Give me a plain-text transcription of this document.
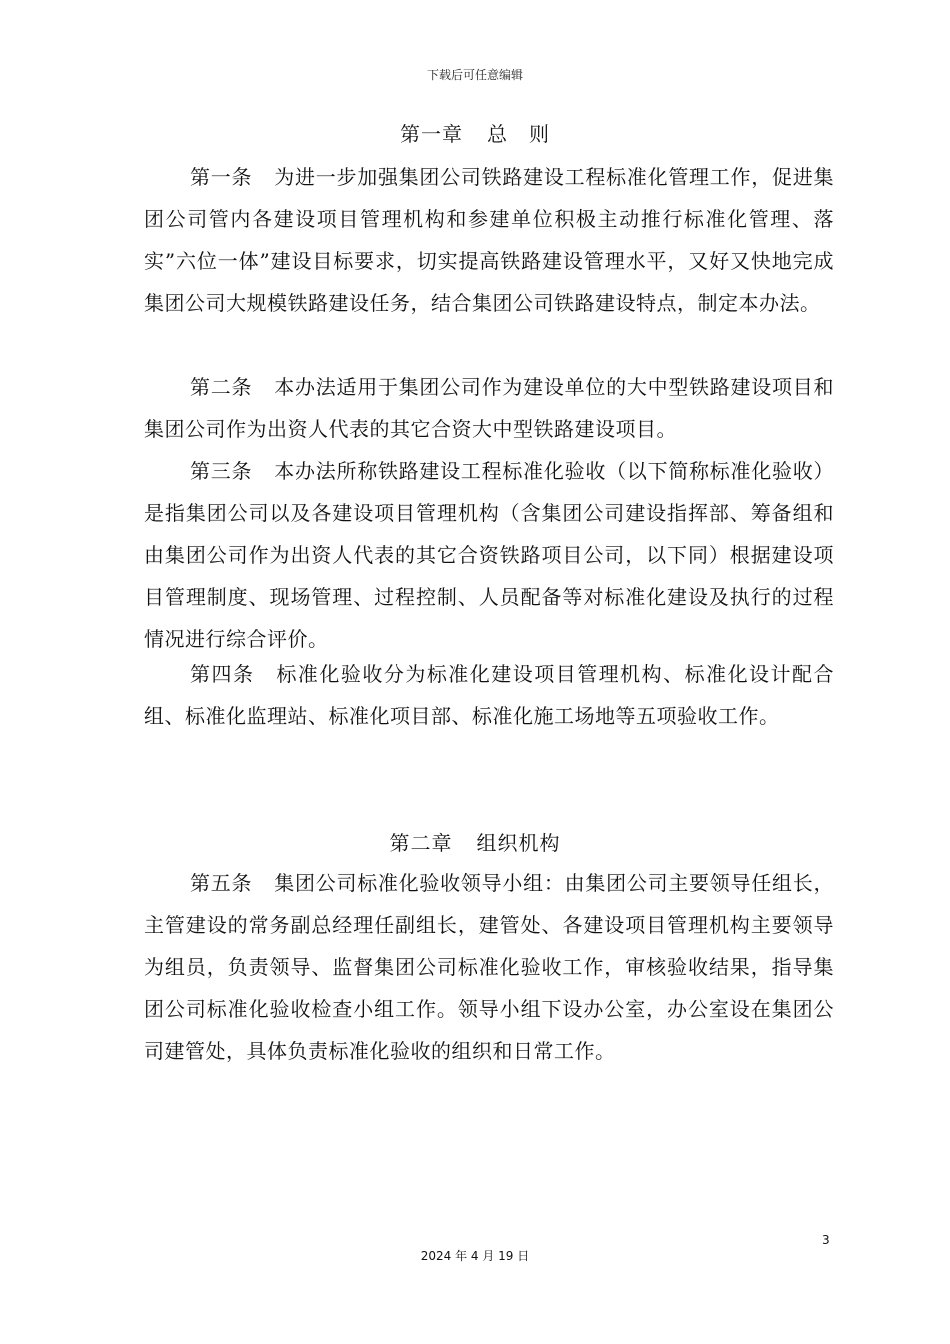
下载后可任意编辑
第一章 总　则
第一条 为进一步加强集团公司铁路建设工程标准化管理工作，促进集团公司管内各建设项目管理机构和参建单位积极主动推行标准化管理、落实”六位一体”建设目标要求，切实提高铁路建设管理水平，又好又快地完成集团公司大规模铁路建设任务，结合集团公司铁路建设特点，制定本办法。
第二条 本办法适用于集团公司作为建设单位的大中型铁路建设项目和集团公司作为出资人代表的其它合资大中型铁路建设项目。
第三条 本办法所称铁路建设工程标准化验收（以下简称标准化验收）是指集团公司以及各建设项目管理机构（含集团公司建设指挥部、筹备组和由集团公司作为出资人代表的其它合资铁路项目公司，以下同）根据建设项目管理制度、现场管理、过程控制、人员配备等对标准化建设及执行的过程情况进行综合评价。
第四条 标准化验收分为标准化建设项目管理机构、标准化设计配合组、标准化监理站、标准化项目部、标准化施工场地等五项验收工作。
第二章 组织机构
第五条 集团公司标准化验收领导小组：由集团公司主要领导任组长，主管建设的常务副总经理任副组长，建管处、各建设项目管理机构主要领导为组员，负责领导、监督集团公司标准化验收工作，审核验收结果，指导集团公司标准化验收检查小组工作。领导小组下设办公室，办公室设在集团公司建管处，具体负责标准化验收的组织和日常工作。
3
2024 年 4 月 19 日
